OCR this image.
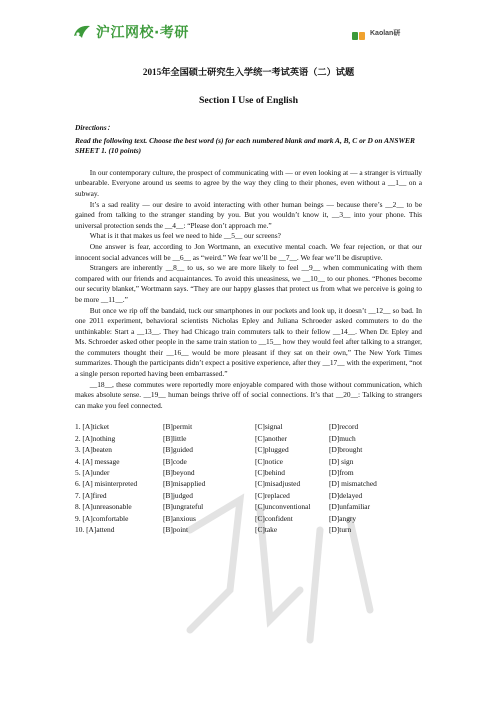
沪江网校·考研	Kaolan研
2015年全国硕士研究生入学统一考试英语（二）试题
Section I Use of English
Directions：
Read the following text. Choose the best word (s) for each numbered blank and mark A, B, C or D on ANSWER SHEET 1. (10 points)

In our contemporary culture, the prospect of communicating with — or even looking at — a stranger is virtually unbearable. Everyone around us seems to agree by the way they cling to their phones, even without a __1__ on a subway.

It’s a sad reality — our desire to avoid interacting with other human beings — because there’s __2__ to be gained from talking to the stranger standing by you. But you wouldn’t know it, __3__ into your phone. This universal protection sends the __4__: “Please don’t approach me.”

What is it that makes us feel we need to hide __5__ our screens?

One answer is fear, according to Jon Wortmann, an executive mental coach. We fear rejection, or that our innocent social advances will be __6__ as “weird.” We fear we’ll be __7__. We fear we’ll be disruptive.

Strangers are inherently __8__ to us, so we are more likely to feel __9__ when communicating with them compared with our friends and acquaintances. To avoid this uneasiness, we __10__ to our phones. “Phones become our security blanket,” Wortmann says. “They are our happy glasses that protect us from what we perceive is going to be more __11__.”

But once we rip off the bandaid, tuck our smartphones in our pockets and look up, it doesn’t __12__ so bad. In one 2011 experiment, behavioral scientists Nicholas Epley and Juliana Schroeder asked commuters to do the unthinkable: Start a __13__. They had Chicago train commuters talk to their fellow __14__. When Dr. Epley and Ms. Schroeder asked other people in the same train station to __15__ how they would feel after talking to a stranger, the commuters thought their __16__ would be more pleasant if they sat on their own,” The New York Times summarizes. Though the participants didn’t expect a positive experience, after they __17__ with the experiment, “not a single person reported having been embarrassed.”

__18__, these commutes were reportedly more enjoyable compared with those without communication, which makes absolute sense. __19__ human beings thrive off of social connections. It’s that __20__: Talking to strangers can make you feel connected.

1. [A]ticket	[B]permit	[C]signal	[D]record
2. [A]nothing	[B]little	[C]another	[D]much
3. [A]beaten	[B]guided	[C]plugged	[D]brought
4. [A] message	[B]code	[C]notice	[D] sign
5. [A]under	[B]beyond	[C]behind	[D]from
6. [A] misinterpreted	[B]misapplied	[C]misadjusted	[D] mismatched
7. [A]fired	[B]judged	[C]replaced	[D]delayed
8. [A]unreasonable	[B]ungrateful	[C]unconventional	[D]unfamiliar
9. [A]comfortable	[B]anxious	[C]confident	[D]angry
10. [A]attend	[B]point	[C]take	[D]turn
